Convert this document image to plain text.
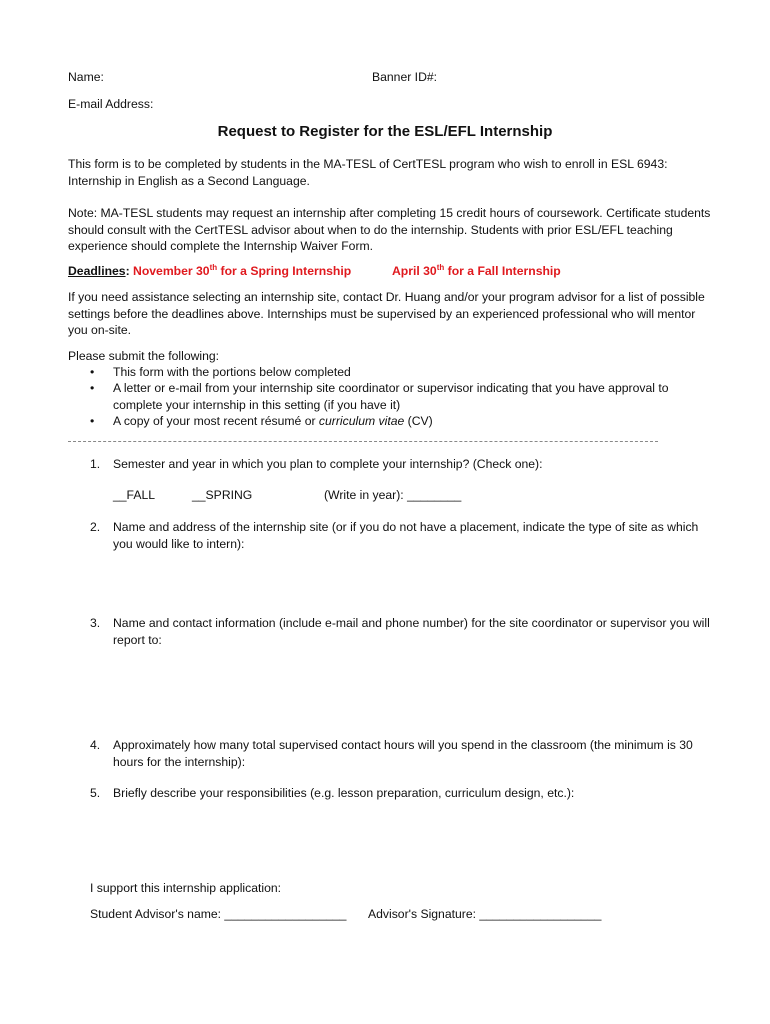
Name:	Banner ID#:
E-mail Address:
Request to Register for the ESL/EFL Internship
This form is to be completed by students in the MA-TESL of CertTESL program who wish to enroll in ESL 6943: Internship in English as a Second Language.
Note: MA-TESL students may request an internship after completing 15 credit hours of coursework. Certificate students should consult with the CertTESL advisor about when to do the internship. Students with prior ESL/EFL teaching experience should complete the Internship Waiver Form.
Deadlines: November 30th for a Spring Internship	April 30th for a Fall Internship
If you need assistance selecting an internship site, contact Dr. Huang and/or your program advisor for a list of possible settings before the deadlines above. Internships must be supervised by an experienced professional who will mentor you on-site.
Please submit the following:
• This form with the portions below completed
• A letter or e-mail from your internship site coordinator or supervisor indicating that you have approval to complete your internship in this setting (if you have it)
• A copy of your most recent résumé or curriculum vitae (CV)
1. Semester and year in which you plan to complete your internship? (Check one):
__FALL	__SPRING	(Write in year): ________
2. Name and address of the internship site (or if you do not have a placement, indicate the type of site as which you would like to intern):
3. Name and contact information (include e-mail and phone number) for the site coordinator or supervisor you will report to:
4. Approximately how many total supervised contact hours will you spend in the classroom (the minimum is 30 hours for the internship):
5. Briefly describe your responsibilities (e.g. lesson preparation, curriculum design, etc.):
I support this internship application:
Student Advisor's name: __________________ Advisor's Signature: __________________
